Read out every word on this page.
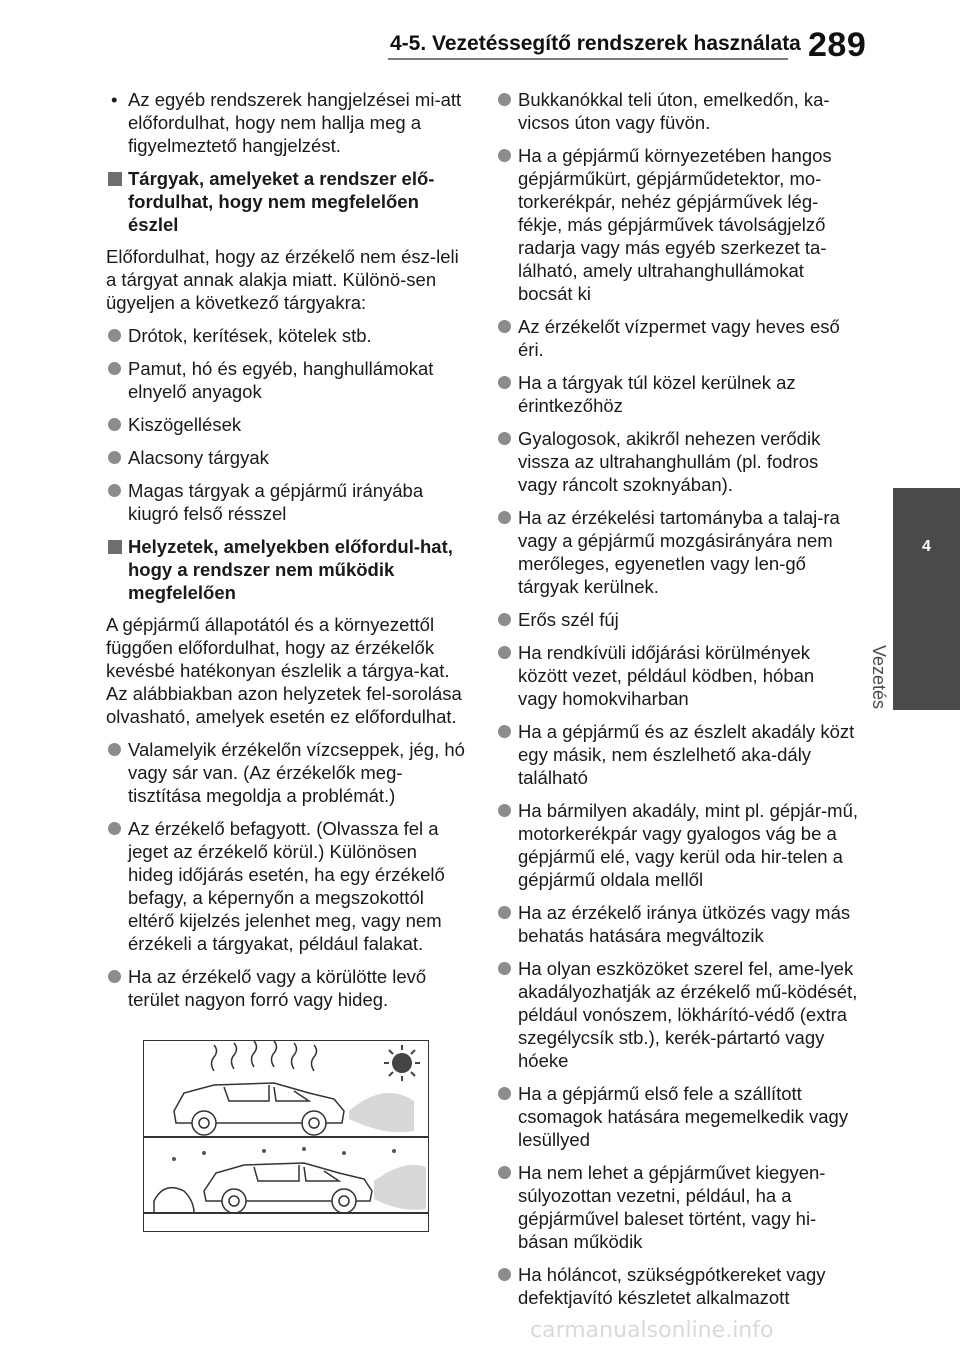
4-5. Vezetéssegítő rendszerek használata 289
4
Vezetés
• Az egyéb rendszerek hangjelzései mi-att előfordulhat, hogy nem hallja meg a figyelmeztető hangjelzést.
Tárgyak, amelyeket a rendszer elő-fordulhat, hogy nem megfelelően észlel

Előfordulhat, hogy az érzékelő nem ész-leli a tárgyat annak alakja miatt. Különö-sen ügyeljen a következő tárgyakra:

Drótok, kerítések, kötelek stb.
Pamut, hó és egyéb, hanghullámokat elnyelő anyagok
Kiszögellések
Alacsony tárgyak
Magas tárgyak a gépjármű irányába kiugró felső résszel
Helyzetek, amelyekben előfordul-hat, hogy a rendszer nem működik megfelelően

A gépjármű állapotától és a környezettől függően előfordulhat, hogy az érzékelők kevésbé hatékonyan észlelik a tárgya-kat. Az alábbiakban azon helyzetek fel-sorolása olvasható, amelyek esetén ez előfordulhat.

Valamelyik érzékelőn vízcseppek, jég, hó vagy sár van. (Az érzékelők meg-tisztítása megoldja a problémát.)
Az érzékelő befagyott. (Olvassza fel a jeget az érzékelő körül.) Különösen hideg időjárás esetén, ha egy érzékelő befagy, a képernyőn a megszokottól eltérő kijelzés jelenhet meg, vagy nem érzékeli a tárgyakat, például falakat.
Ha az érzékelő vagy a körülötte levő terület nagyon forró vagy hideg.
Bukkanókkal teli úton, emelkedőn, ka-vicsos úton vagy füvön.
Ha a gépjármű környezetében hangos gépjárműkürt, gépjárműdetektor, mo-torkerékpár, nehéz gépjárművek lég-fékje, más gépjárművek távolságjelző radarja vagy más egyéb szerkezet ta-lálható, amely ultrahanghullámokat bocsát ki
Az érzékelőt vízpermet vagy heves eső éri.
Ha a tárgyak túl közel kerülnek az érintkezőhöz
Gyalogosok, akikről nehezen verődik vissza az ultrahanghullám (pl. fodros vagy ráncolt szoknyában).
Ha az érzékelési tartományba a talaj-ra vagy a gépjármű mozgásirányára nem merőleges, egyenetlen vagy len-gő tárgyak kerülnek.
Erős szél fúj
Ha rendkívüli időjárási körülmények között vezet, például ködben, hóban vagy homokviharban
Ha a gépjármű és az észlelt akadály közt egy másik, nem észlelhető aka-dály található
Ha bármilyen akadály, mint pl. gépjár-mű, motorkerékpár vagy gyalogos vág be a gépjármű elé, vagy kerül oda hir-telen a gépjármű oldala mellől
Ha az érzékelő iránya ütközés vagy más behatás hatására megváltozik
Ha olyan eszközöket szerel fel, ame-lyek akadályozhatják az érzékelő mű-ködését, például vonószem, lökhárító-védő (extra szegélycsík stb.), kerék-pártartó vagy hóeke
Ha a gépjármű első fele a szállított csomagok hatására megemelkedik vagy lesüllyed
Ha nem lehet a gépjárművet kiegyen-súlyozottan vezetni, például, ha a gépjárművel baleset történt, vagy hi-básan működik
Ha hóláncot, szükségpótkereket vagy defektjavító készletet alkalmazott
carmanualsonline.info
